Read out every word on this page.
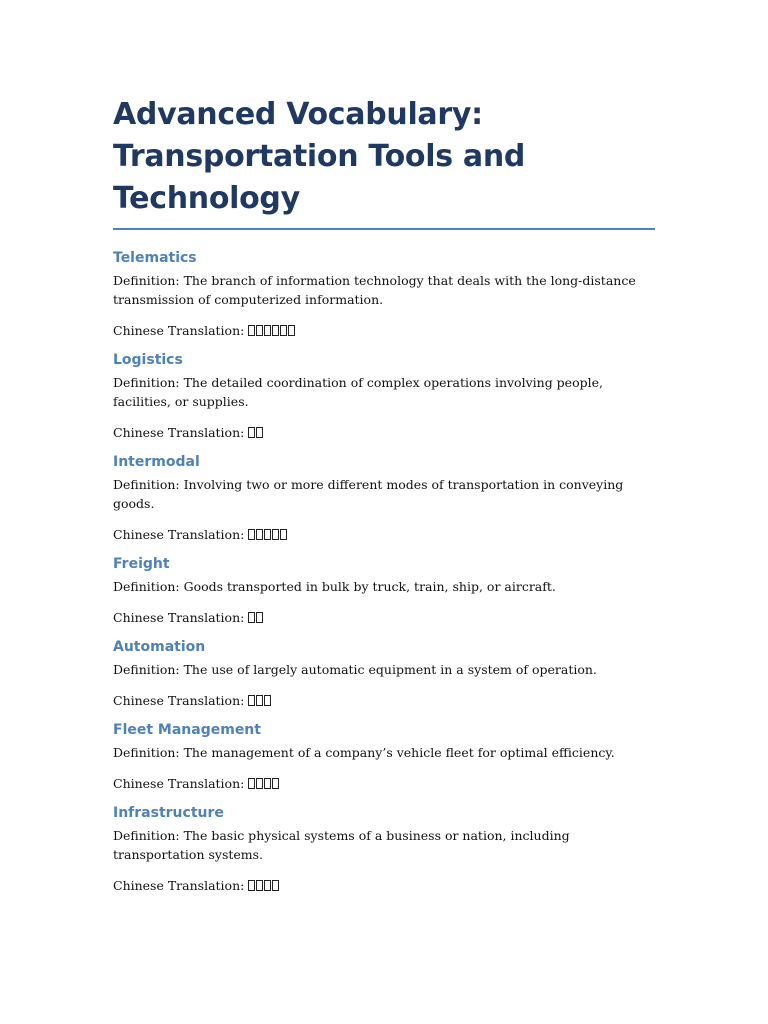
Advanced Vocabulary: Transportation Tools and Technology
Telematics

Definition: The branch of information technology that deals with the long-distance transmission of computerized information.

Chinese Translation:

Logistics

Definition: The detailed coordination of complex operations involving people, facilities, or supplies.

Chinese Translation:

Intermodal

Definition: Involving two or more different modes of transportation in conveying goods.

Chinese Translation:

Freight

Definition: Goods transported in bulk by truck, train, ship, or aircraft.

Chinese Translation:

Automation

Definition: The use of largely automatic equipment in a system of operation.

Chinese Translation:

Fleet Management

Definition: The management of a company’s vehicle fleet for optimal efficiency.

Chinese Translation:

Infrastructure

Definition: The basic physical systems of a business or nation, including transportation systems.

Chinese Translation:
